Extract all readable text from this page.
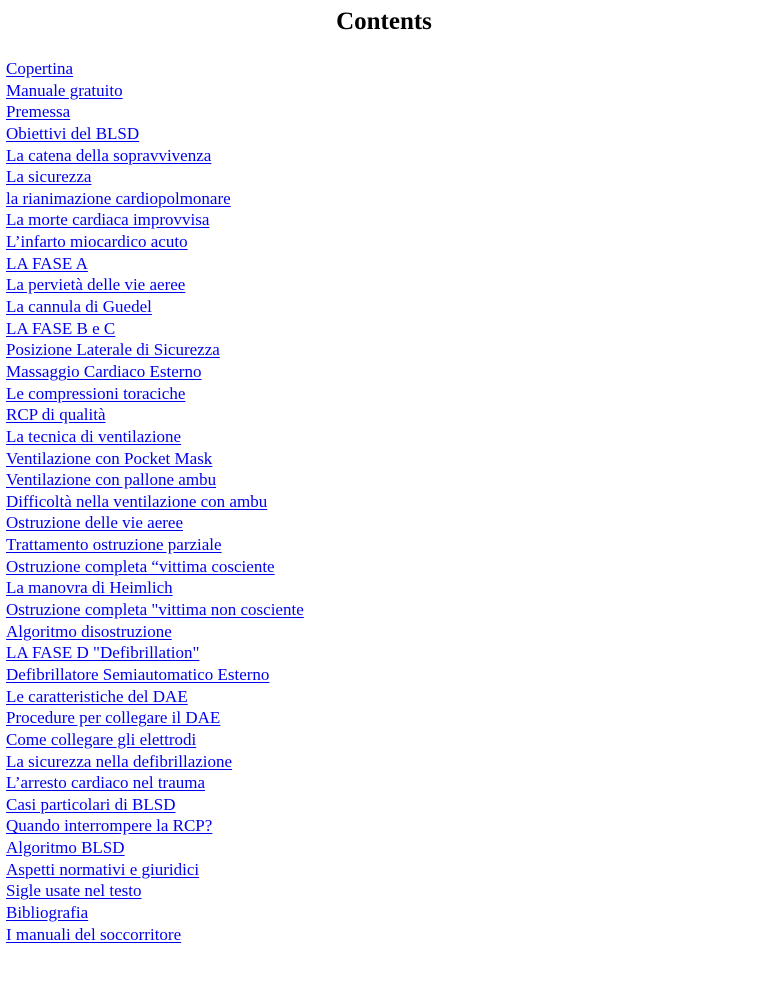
Contents
Copertina
Manuale gratuito
Premessa
Obiettivi del BLSD
La catena della sopravvivenza
La sicurezza
la rianimazione cardiopolmonare
La morte cardiaca improvvisa
L’infarto miocardico acuto
LA FASE A
La pervietà delle vie aeree
La cannula di Guedel
LA FASE B e C
Posizione Laterale di Sicurezza
Massaggio Cardiaco Esterno
Le compressioni toraciche
RCP di qualità
La tecnica di ventilazione
Ventilazione con Pocket Mask
Ventilazione con pallone ambu
Difficoltà nella ventilazione con ambu
Ostruzione delle vie aeree
Trattamento ostruzione parziale
Ostruzione completa “vittima cosciente
La manovra di Heimlich
Ostruzione completa "vittima non cosciente
Algoritmo disostruzione
LA FASE D "Defibrillation"
Defibrillatore Semiautomatico Esterno
Le caratteristiche del DAE
Procedure per collegare il DAE
Come collegare gli elettrodi
La sicurezza nella defibrillazione
L’arresto cardiaco nel trauma
Casi particolari di BLSD
Quando interrompere la RCP?
Algoritmo BLSD
Aspetti normativi e giuridici
Sigle usate nel testo
Bibliografia
I manuali del soccorritore
